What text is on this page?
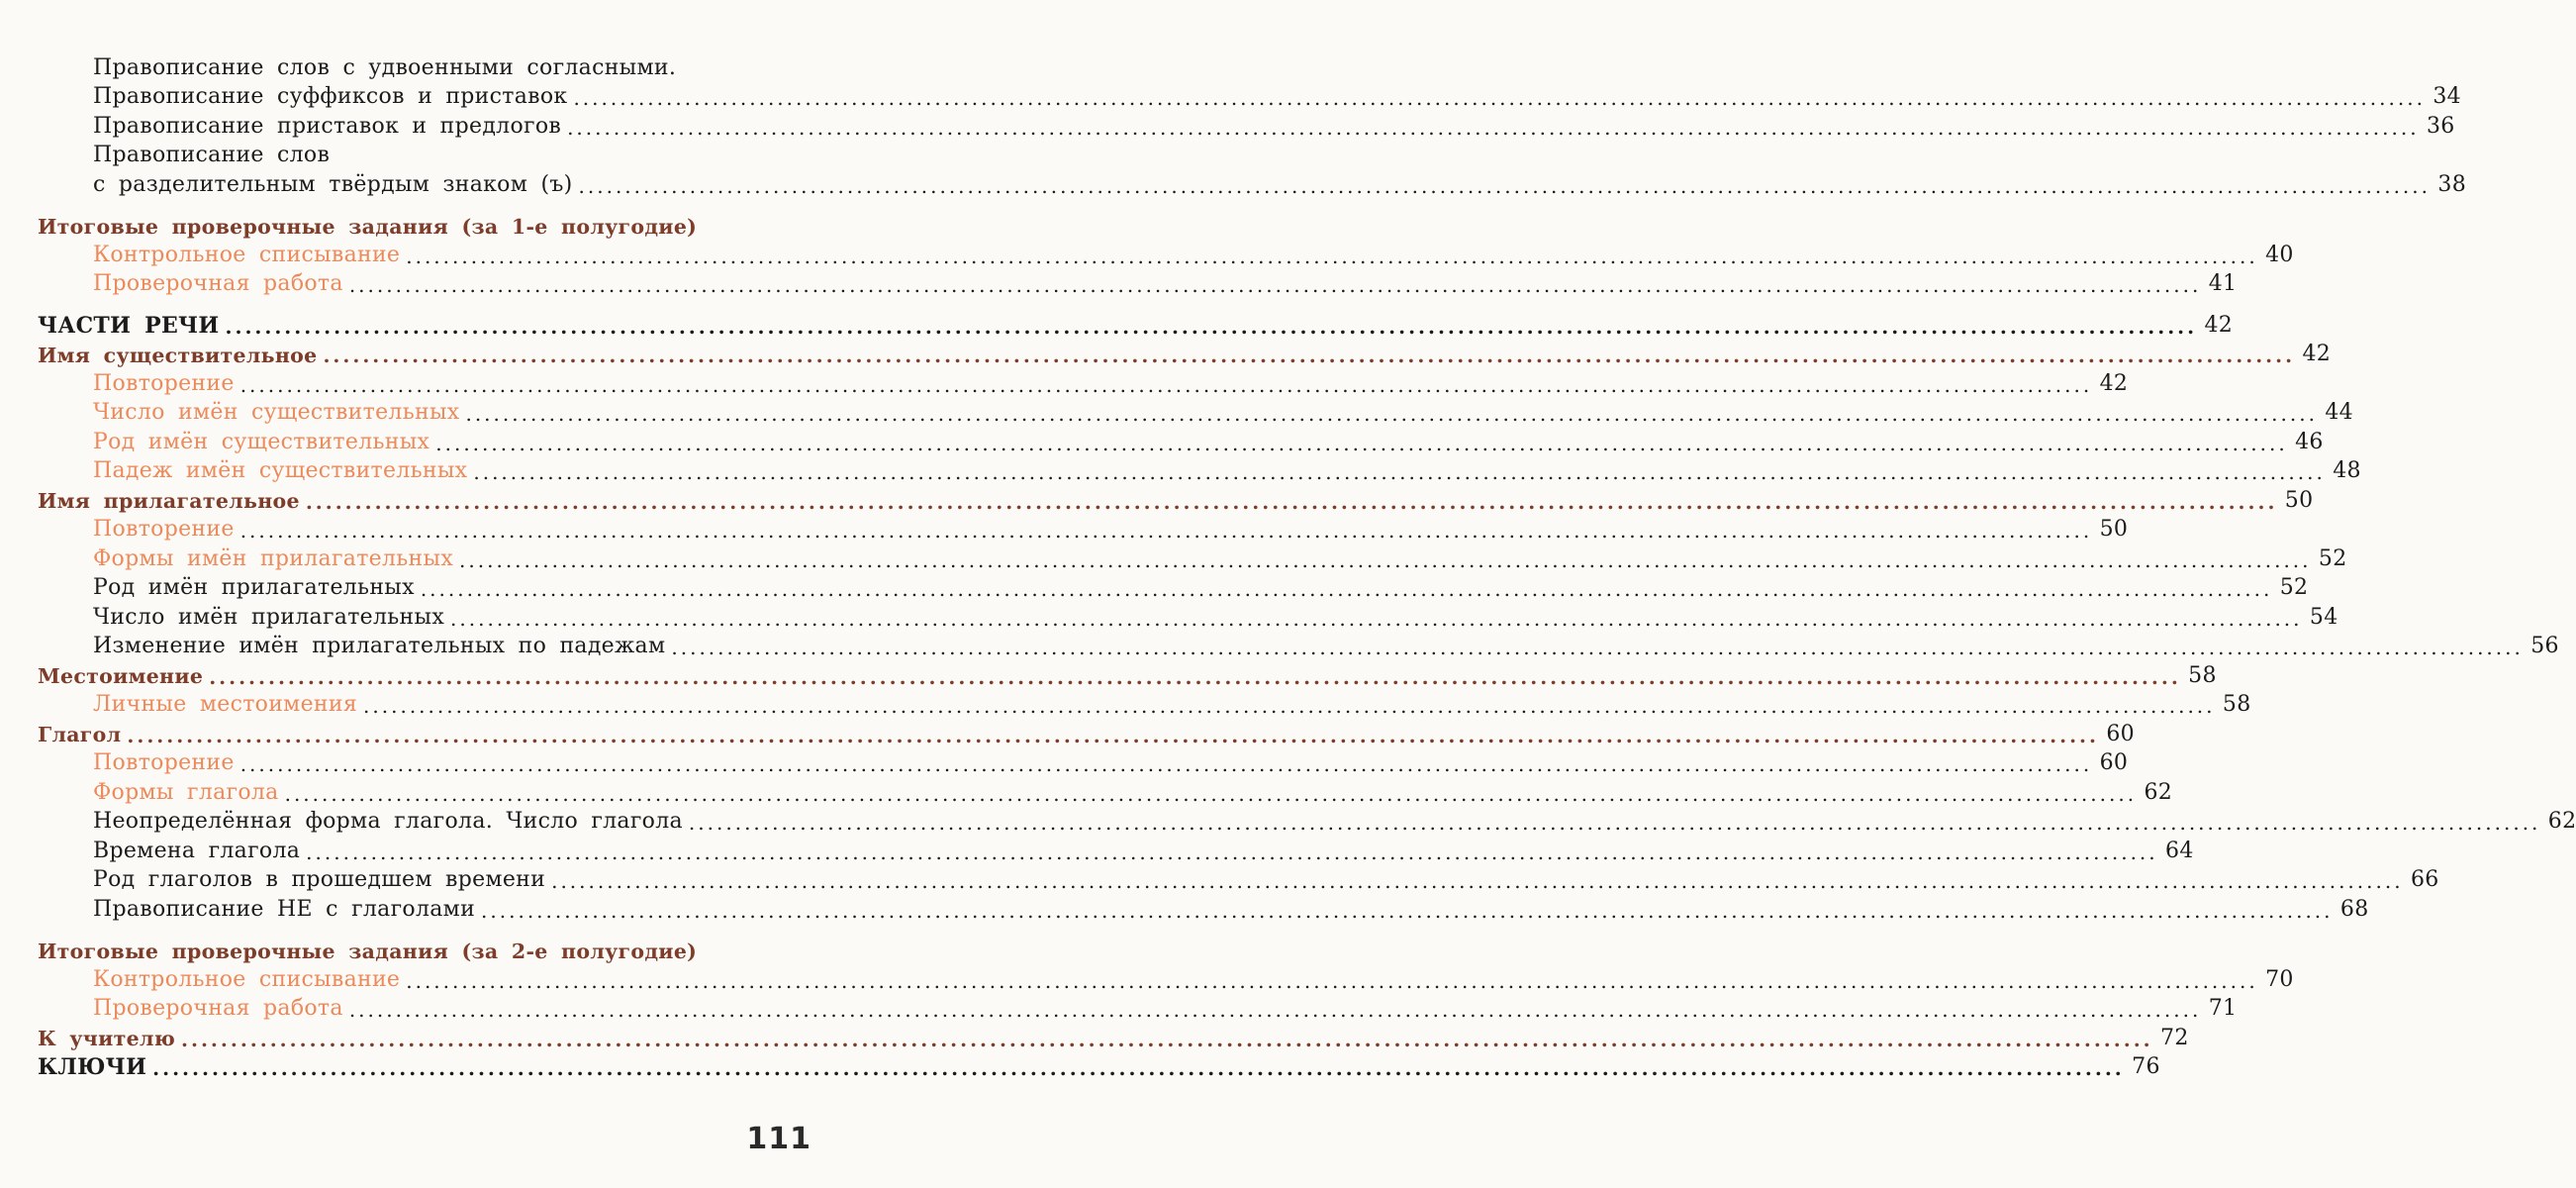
Правописание слов с удвоенными согласными.
Правописание суффиксов и приставок ........................................................................................................................................................................................................ 34
Правописание приставок и предлогов ........................................................................................................................................................................................................ 36
Правописание слов
с разделительным твёрдым знаком (ъ) ........................................................................................................................................................................................................ 38
Итоговые проверочные задания (за 1-е полугодие)
Контрольное списывание ........................................................................................................................................................................................................ 40
Проверочная работа ........................................................................................................................................................................................................ 41
ЧАСТИ РЕЧИ ........................................................................................................................................................................................................ 42
Имя существительное ........................................................................................................................................................................................................ 42
Повторение ........................................................................................................................................................................................................ 42
Число имён существительных ........................................................................................................................................................................................................ 44
Род имён существительных ........................................................................................................................................................................................................ 46
Падеж имён существительных ........................................................................................................................................................................................................ 48
Имя прилагательное ........................................................................................................................................................................................................ 50
Повторение ........................................................................................................................................................................................................ 50
Формы имён прилагательных ........................................................................................................................................................................................................ 52
Род имён прилагательных ........................................................................................................................................................................................................ 52
Число имён прилагательных ........................................................................................................................................................................................................ 54
Изменение имён прилагательных по падежам ........................................................................................................................................................................................................ 56
Местоимение ........................................................................................................................................................................................................ 58
Личные местоимения ........................................................................................................................................................................................................ 58
Глагол ........................................................................................................................................................................................................ 60
Повторение ........................................................................................................................................................................................................ 60
Формы глагола ........................................................................................................................................................................................................ 62
Неопределённая форма глагола. Число глагола ........................................................................................................................................................................................................ 62
Времена глагола ........................................................................................................................................................................................................ 64
Род глаголов в прошедшем времени ........................................................................................................................................................................................................ 66
Правописание НЕ с глаголами ........................................................................................................................................................................................................ 68
Итоговые проверочные задания (за 2-е полугодие)
Контрольное списывание ........................................................................................................................................................................................................ 70
Проверочная работа ........................................................................................................................................................................................................ 71
К учителю ........................................................................................................................................................................................................ 72
КЛЮЧИ ........................................................................................................................................................................................................ 76
111
